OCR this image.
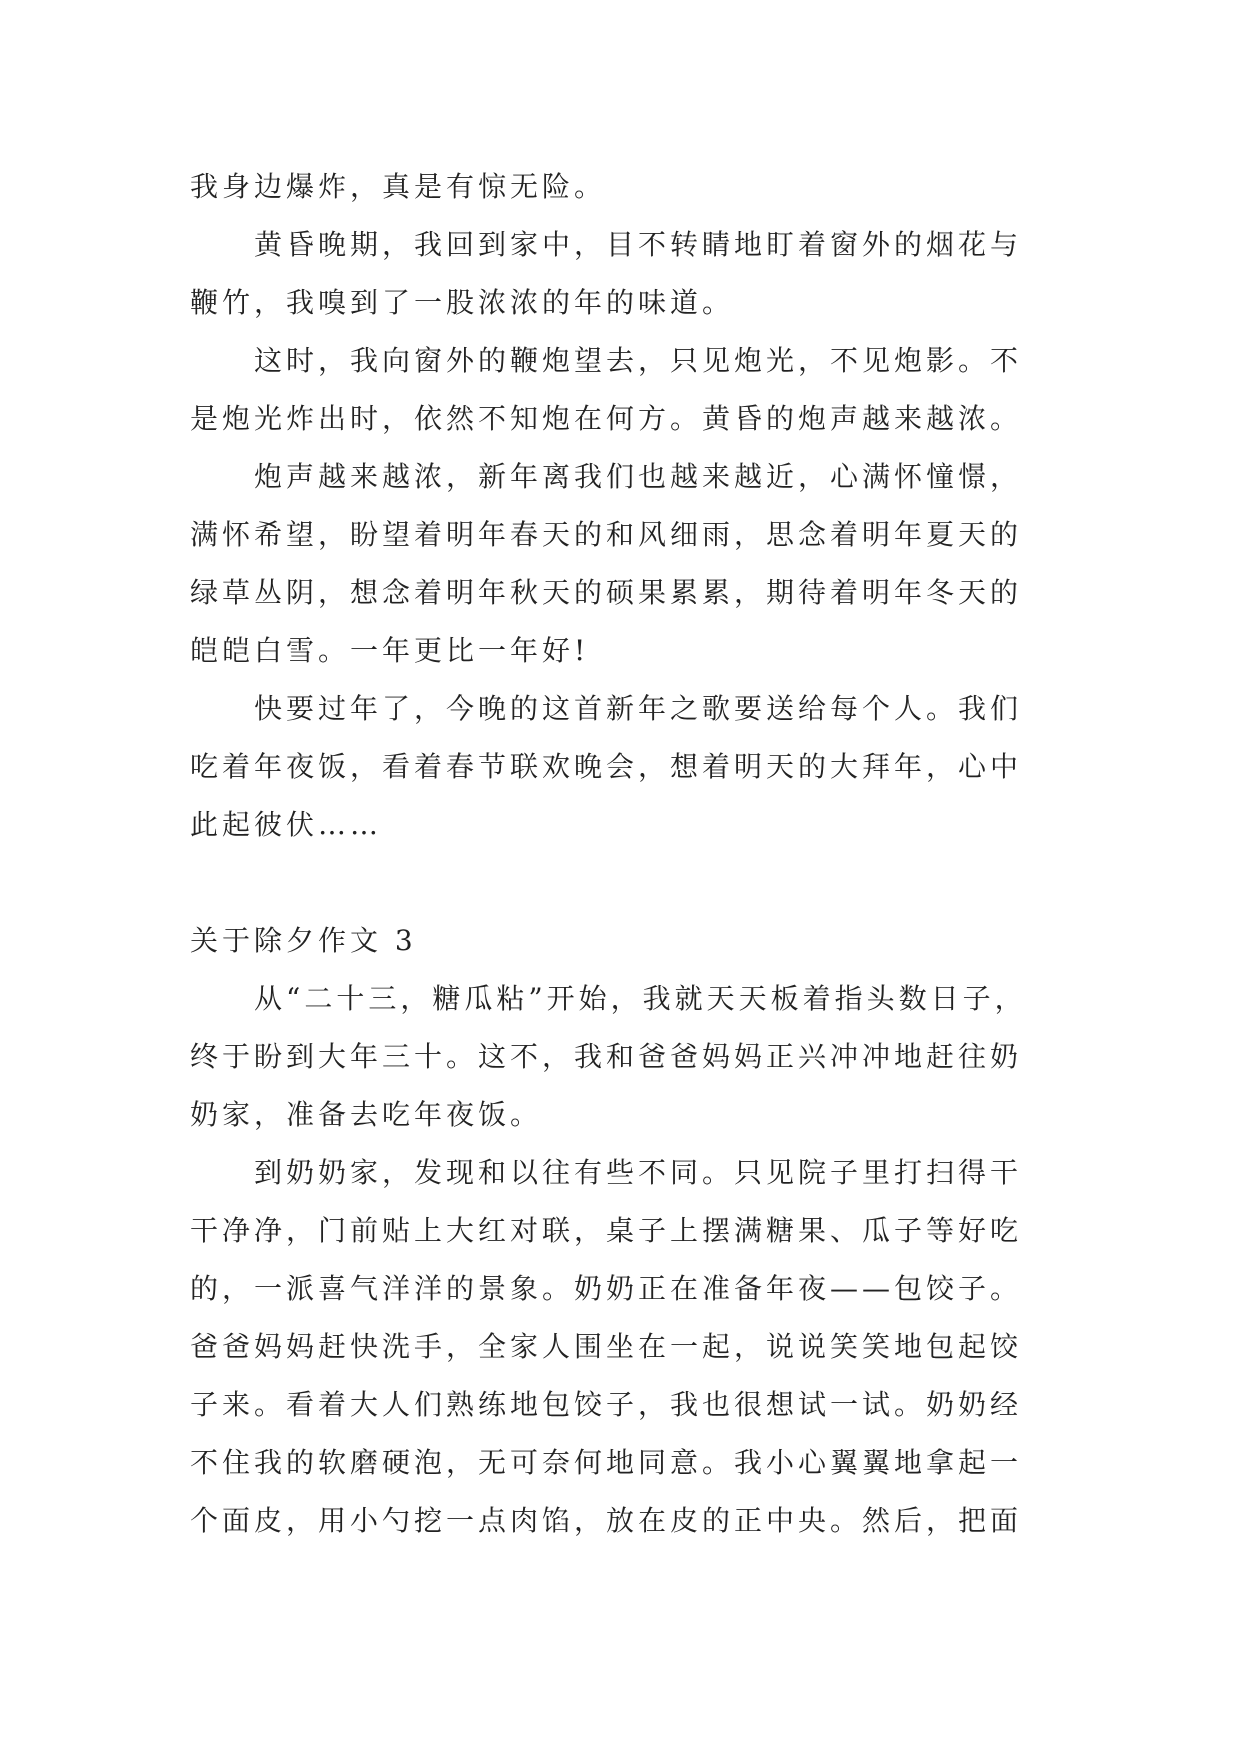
我身边爆炸，真是有惊无险。

黄昏晚期，我回到家中，目不转睛地盯着窗外的烟花与
鞭竹，我嗅到了一股浓浓的年的味道。

这时，我向窗外的鞭炮望去，只见炮光，不见炮影。不
是炮光炸出时，依然不知炮在何方。黄昏的炮声越来越浓。

炮声越来越浓，新年离我们也越来越近，心满怀憧憬，
满怀希望，盼望着明年春天的和风细雨，思念着明年夏天的
绿草丛阴，想念着明年秋天的硕果累累，期待着明年冬天的
皑皑白雪。一年更比一年好!

快要过年了，今晚的这首新年之歌要送给每个人。我们
吃着年夜饭，看着春节联欢晚会，想着明天的大拜年，心中
此起彼伏……

关于除夕作文 3

从“二十三，糖瓜粘”开始，我就天天板着指头数日子，
终于盼到大年三十。这不，我和爸爸妈妈正兴冲冲地赶往奶
奶家，准备去吃年夜饭。

到奶奶家，发现和以往有些不同。只见院子里打扫得干
干净净，门前贴上大红对联，桌子上摆满糖果、瓜子等好吃
的，一派喜气洋洋的景象。奶奶正在准备年夜——包饺子。
爸爸妈妈赶快洗手，全家人围坐在一起，说说笑笑地包起饺
子来。看着大人们熟练地包饺子，我也很想试一试。奶奶经
不住我的软磨硬泡，无可奈何地同意。我小心翼翼地拿起一
个面皮，用小勺挖一点肉馅，放在皮的正中央。然后，把面
